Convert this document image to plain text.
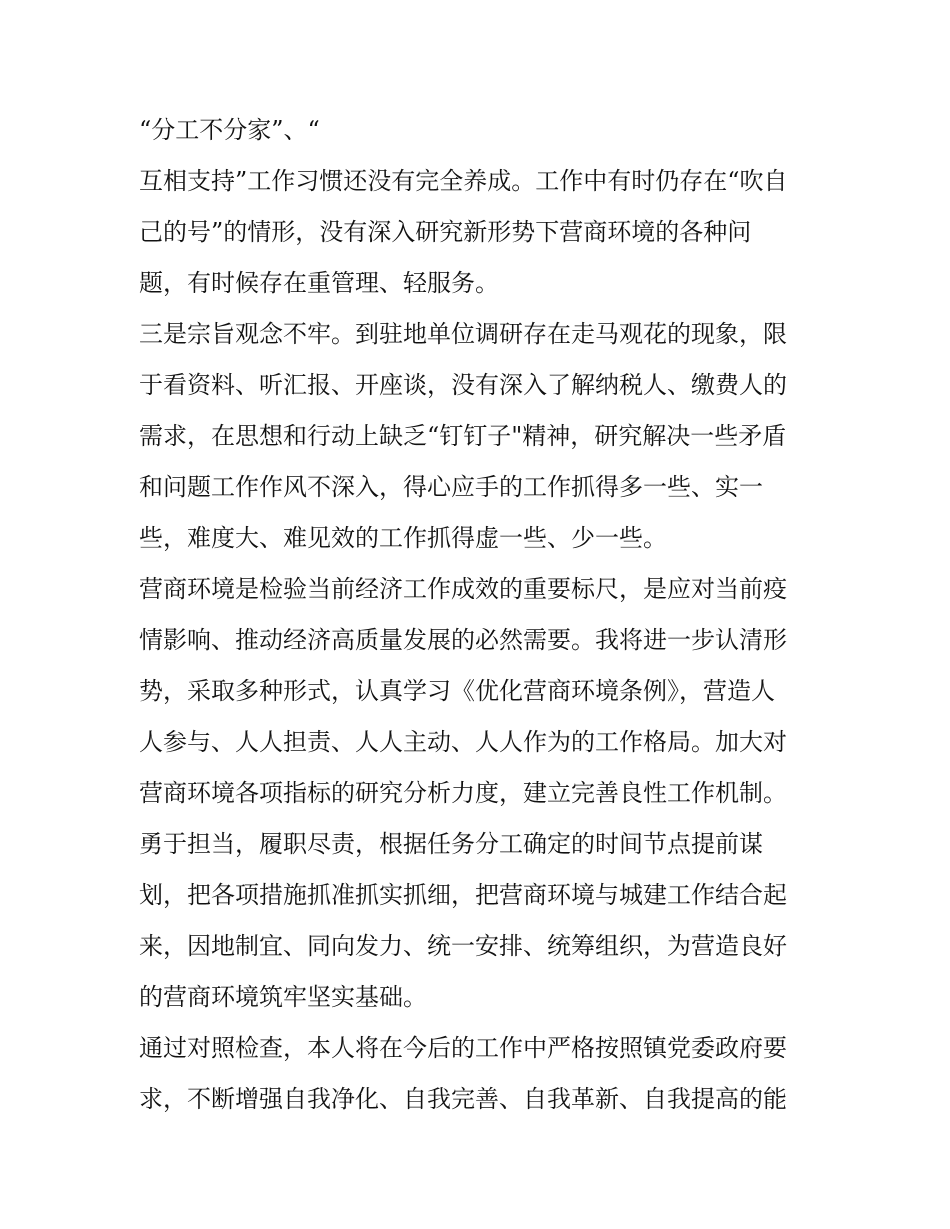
“分工不分家”、“
互相支持”工作习惯还没有完全养成。工作中有时仍存在“吹自
己的号”的情形，没有深入研究新形势下营商环境的各种问
题，有时候存在重管理、轻服务。
三是宗旨观念不牢。到驻地单位调研存在走马观花的现象，限
于看资料、听汇报、开座谈，没有深入了解纳税人、缴费人的
需求，在思想和行动上缺乏“钉钉子"精神，研究解决一些矛盾
和问题工作作风不深入，得心应手的工作抓得多一些、实一
些，难度大、难见效的工作抓得虚一些、少一些。
营商环境是检验当前经济工作成效的重要标尺，是应对当前疫
情影响、推动经济高质量发展的必然需要。我将进一步认清形
势，采取多种形式，认真学习《优化营商环境条例》，营造人
人参与、人人担责、人人主动、人人作为的工作格局。加大对
营商环境各项指标的研究分析力度，建立完善良性工作机制。
勇于担当，履职尽责，根据任务分工确定的时间节点提前谋
划，把各项措施抓准抓实抓细，把营商环境与城建工作结合起
来，因地制宜、同向发力、统一安排、统筹组织，为营造良好
的营商环境筑牢坚实基础。
通过对照检查，本人将在今后的工作中严格按照镇党委政府要
求，不断增强自我净化、自我完善、自我革新、自我提高的能
